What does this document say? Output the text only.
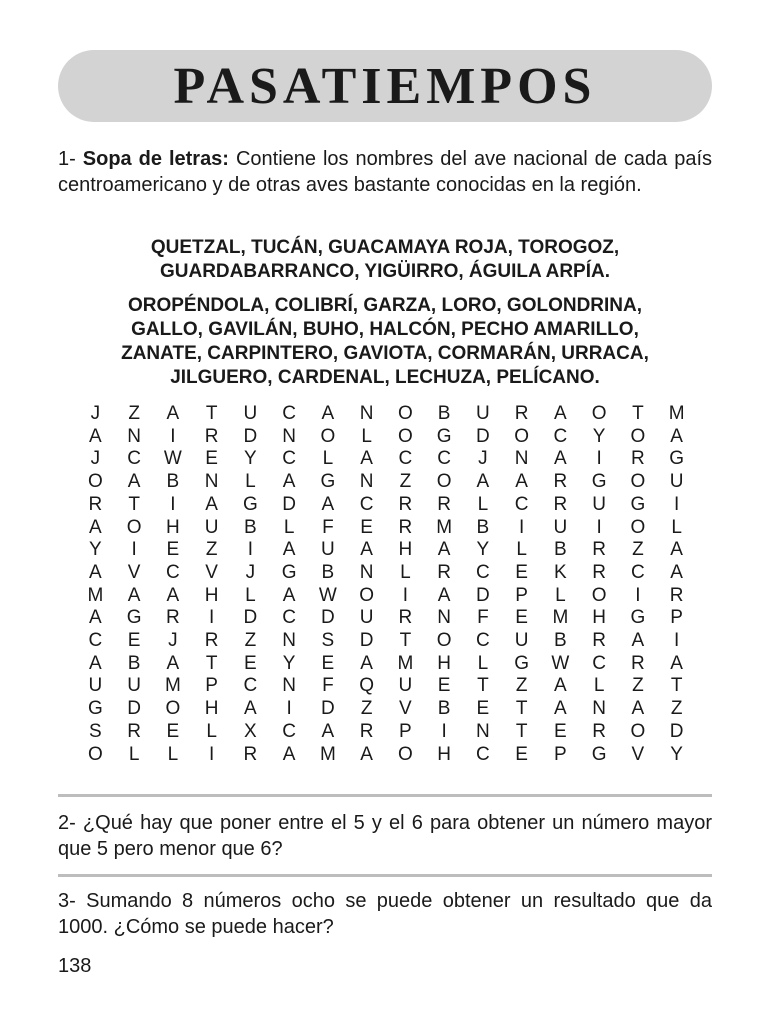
PASATIEMPOS

1- Sopa de letras: Contiene los nombres del ave nacional de cada país centroamericano y de otras aves bastante conocidas en la región.

QUETZAL, TUCÁN, GUACAMAYA ROJA, TOROGOZ,
GUARDABARRANCO, YIGÜIRRO, ÁGUILA ARPÍA.
OROPÉNDOLA, COLIBRÍ, GARZA, LORO, GOLONDRINA,
GALLO, GAVILÁN, BUHO, HALCÓN, PECHO AMARILLO,
ZANATE, CARPINTERO, GAVIOTA, CORMARÁN, URRACA,
JILGUERO, CARDENAL, LECHUZA, PELÍCANO.
J	Z	A	T	U	C	A	N	O	B	U	R	A	O	T	M
A	N	I	R	D	N	O	L	O	G	D	O	C	Y	O	A
J	C	W	E	Y	C	L	A	C	C	J	N	A	I	R	G
O	A	B	N	L	A	G	N	Z	O	A	A	R	G	O	U
R	T	I	A	G	D	A	C	R	R	L	C	R	U	G	I
A	O	H	U	B	L	F	E	R	M	B	I	U	I	O	L
Y	I	E	Z	I	A	U	A	H	A	Y	L	B	R	Z	A
A	V	C	V	J	G	B	N	L	R	C	E	K	R	C	A
M	A	A	H	L	A	W	O	I	A	D	P	L	O	I	R
A	G	R	I	D	C	D	U	R	N	F	E	M	H	G	P
C	E	J	R	Z	N	S	D	T	O	C	U	B	R	A	I
A	B	A	T	E	Y	E	A	M	H	L	G	W	C	R	A
U	U	M	P	C	N	F	Q	U	E	T	Z	A	L	Z	T
G	D	O	H	A	I	D	Z	V	B	E	T	A	N	A	Z
S	R	E	L	X	C	A	R	P	I	N	T	E	R	O	D
O	L	L	I	R	A	M	A	O	H	C	E	P	G	V	Y

2- ¿Qué hay que poner entre el 5 y el 6 para obtener un número mayor que 5 pero menor que 6?

3- Sumando 8 números ocho se puede obtener un resultado que da 1000. ¿Cómo se puede hacer?

138
